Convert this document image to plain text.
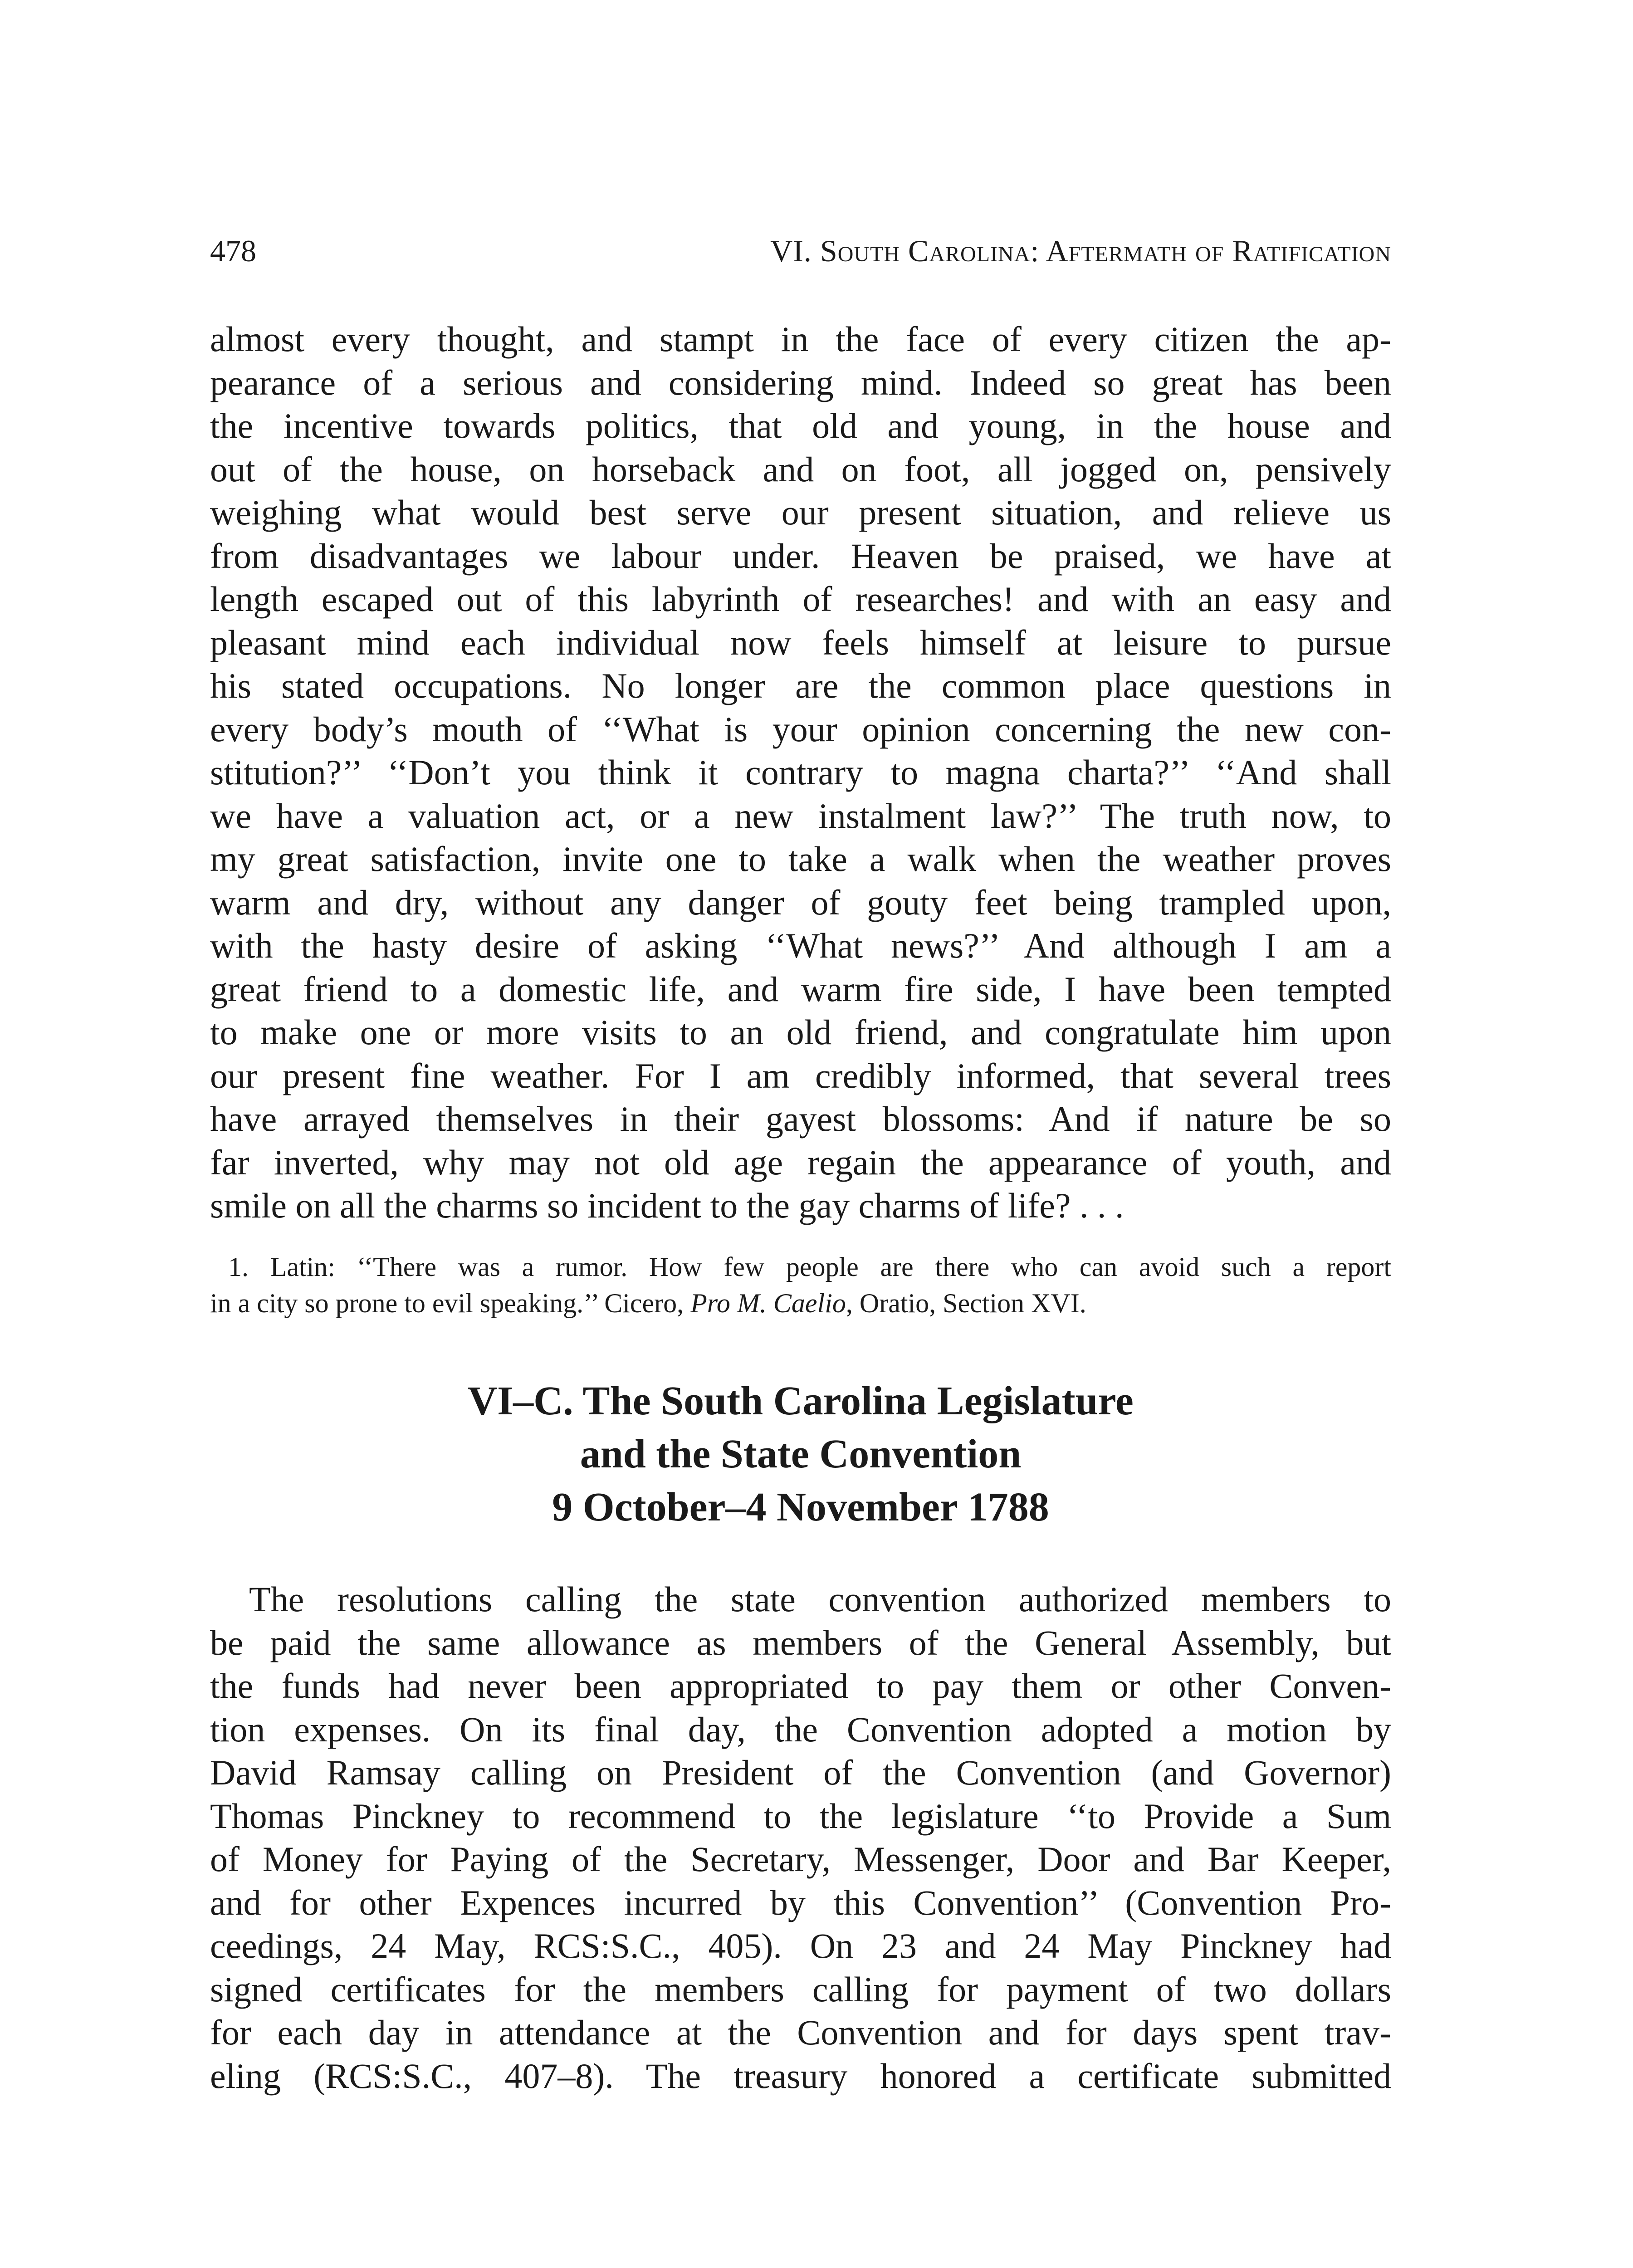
478	VI. South Carolina: Aftermath of Ratification
almost every thought, and stampt in the face of every citizen the ap-
pearance of a serious and considering mind. Indeed so great has been
the incentive towards politics, that old and young, in the house and
out of the house, on horseback and on foot, all jogged on, pensively
weighing what would best serve our present situation, and relieve us
from disadvantages we labour under. Heaven be praised, we have at
length escaped out of this labyrinth of researches! and with an easy and
pleasant mind each individual now feels himself at leisure to pursue
his stated occupations. No longer are the common place questions in
every body’s mouth of ‘‘What is your opinion concerning the new con-
stitution?’’ ‘‘Don’t you think it contrary to magna charta?’’ ‘‘And shall
we have a valuation act, or a new instalment law?’’ The truth now, to
my great satisfaction, invite one to take a walk when the weather proves
warm and dry, without any danger of gouty feet being trampled upon,
with the hasty desire of asking ‘‘What news?’’ And although I am a
great friend to a domestic life, and warm fire side, I have been tempted
to make one or more visits to an old friend, and congratulate him upon
our present fine weather. For I am credibly informed, that several trees
have arrayed themselves in their gayest blossoms: And if nature be so
far inverted, why may not old age regain the appearance of youth, and
smile on all the charms so incident to the gay charms of life? . . .
1. Latin: ‘‘There was a rumor. How few people are there who can avoid such a report
in a city so prone to evil speaking.’’ Cicero, Pro M. Caelio, Oratio, Section XVI.
VI–C. The South Carolina Legislature
and the State Convention
9 October–4 November 1788
The resolutions calling the state convention authorized members to
be paid the same allowance as members of the General Assembly, but
the funds had never been appropriated to pay them or other Conven-
tion expenses. On its final day, the Convention adopted a motion by
David Ramsay calling on President of the Convention (and Governor)
Thomas Pinckney to recommend to the legislature ‘‘to Provide a Sum
of Money for Paying of the Secretary, Messenger, Door and Bar Keeper,
and for other Expences incurred by this Convention’’ (Convention Pro-
ceedings, 24 May, RCS:S.C., 405). On 23 and 24 May Pinckney had
signed certificates for the members calling for payment of two dollars
for each day in attendance at the Convention and for days spent trav-
eling (RCS:S.C., 407–8). The treasury honored a certificate submitted
